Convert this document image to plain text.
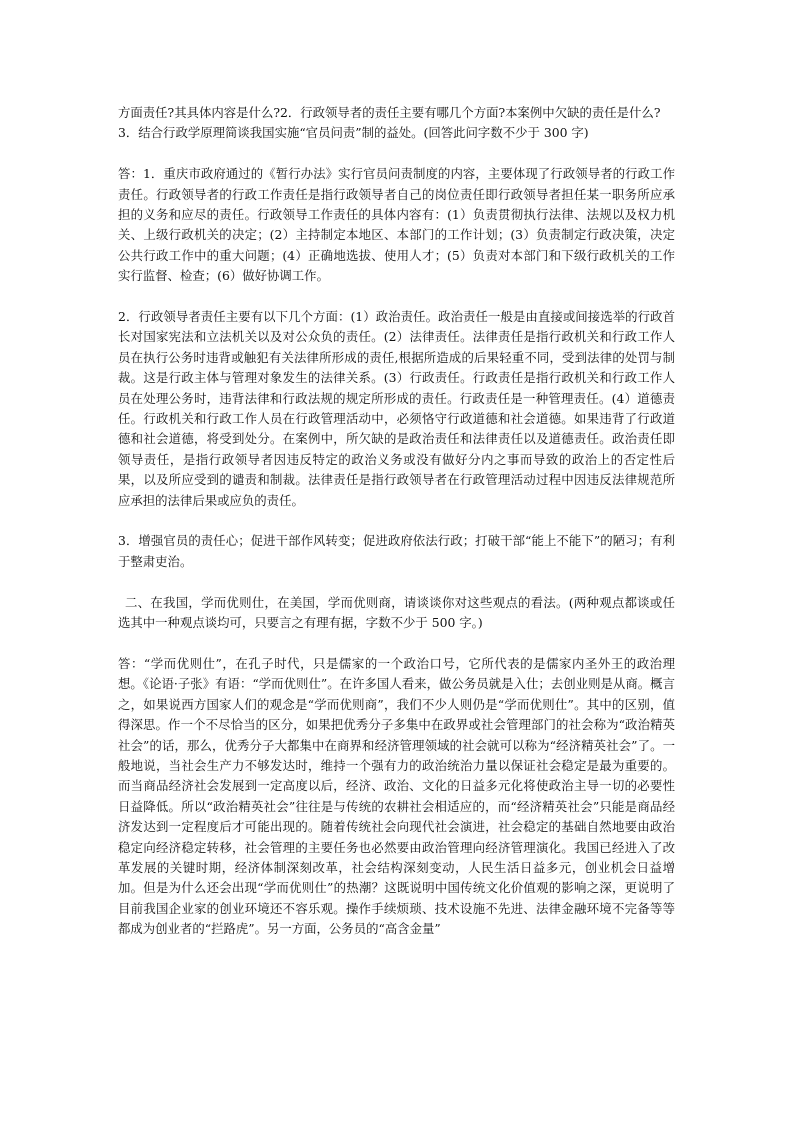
方面责任?其具体内容是什么?2．行政领导者的责任主要有哪几个方面?本案例中欠缺的责任是什么?

3．结合行政学原理简谈我国实施“官员问责”制的益处。(回答此问字数不少于 300 字)

答：1．重庆市政府通过的《暂行办法》实行官员问责制度的内容，主要体现了行政领导者的行政工作责任。行政领导者的行政工作责任是指行政领导者自己的岗位责任即行政领导者担任某一职务所应承担的义务和应尽的责任。行政领导工作责任的具体内容有：(1）负责贯彻执行法律、法规以及权力机关、上级行政机关的决定；(2）主持制定本地区、本部门的工作计划；(3）负责制定行政决策，决定公共行政工作中的重大问题；(4）正确地选拔、使用人才；(5）负责对本部门和下级行政机关的工作实行监督、检查；(6）做好协调工作。

2．行政领导者责任主要有以下几个方面：(1）政治责任。政治责任一般是由直接或间接选举的行政首长对国家宪法和立法机关以及对公众负的责任。(2）法律责任。法律责任是指行政机关和行政工作人员在执行公务时违背或触犯有关法律所形成的责任,根据所造成的后果轻重不同，受到法律的处罚与制裁。这是行政主体与管理对象发生的法律关系。(3）行政责任。行政责任是指行政机关和行政工作人员在处理公务时，违背法律和行政法规的规定所形成的责任。行政责任是一种管理责任。(4）道德责任。行政机关和行政工作人员在行政管理活动中，必须恪守行政道德和社会道德。如果违背了行政道德和社会道德，将受到处分。在案例中，所欠缺的是政治责任和法律责任以及道德责任。政治责任即领导责任，是指行政领导者因违反特定的政治义务或没有做好分内之事而导致的政治上的否定性后果，以及所应受到的谴责和制裁。法律责任是指行政领导者在行政管理活动过程中因违反法律规范所应承担的法律后果或应负的责任。

3．增强官员的责任心；促进干部作风转变；促进政府依法行政；打破干部“能上不能下”的陋习；有利于整肃吏治。

二、在我国，学而优则仕，在美国，学而优则商，请谈谈你对这些观点的看法。(两种观点都谈或任选其中一种观点谈均可，只要言之有理有据，字数不少于 500 字。)

答：“学而优则仕”，在孔子时代，只是儒家的一个政治口号，它所代表的是儒家内圣外王的政治理想。《论语·子张》有语：“学而优则仕”。在许多国人看来，做公务员就是入仕；去创业则是从商。概言之，如果说西方国家人们的观念是“学而优则商”，我们不少人则仍是“学而优则仕”。其中的区别，值得深思。作一个不尽恰当的区分，如果把优秀分子多集中在政界或社会管理部门的社会称为“政治精英社会”的话，那么，优秀分子大都集中在商界和经济管理领域的社会就可以称为“经济精英社会”了。一般地说，当社会生产力不够发达时，维持一个强有力的政治统治力量以保证社会稳定是最为重要的。而当商品经济社会发展到一定高度以后，经济、政治、文化的日益多元化将使政治主导一切的必要性日益降低。所以“政治精英社会”往往是与传统的农耕社会相适应的，而“经济精英社会”只能是商品经济发达到一定程度后才可能出现的。随着传统社会向现代社会演进，社会稳定的基础自然地要由政治稳定向经济稳定转移，社会管理的主要任务也必然要由政治管理向经济管理演化。我国已经进入了改革发展的关键时期，经济体制深刻改革，社会结构深刻变动，人民生活日益多元，创业机会日益增加。但是为什么还会出现“学而优则仕”的热潮？这既说明中国传统文化价值观的影响之深，更说明了目前我国企业家的创业环境还不容乐观。操作手续烦琐、技术设施不先进、法律金融环境不完备等等都成为创业者的“拦路虎”。另一方面，公务员的“高含金量”
